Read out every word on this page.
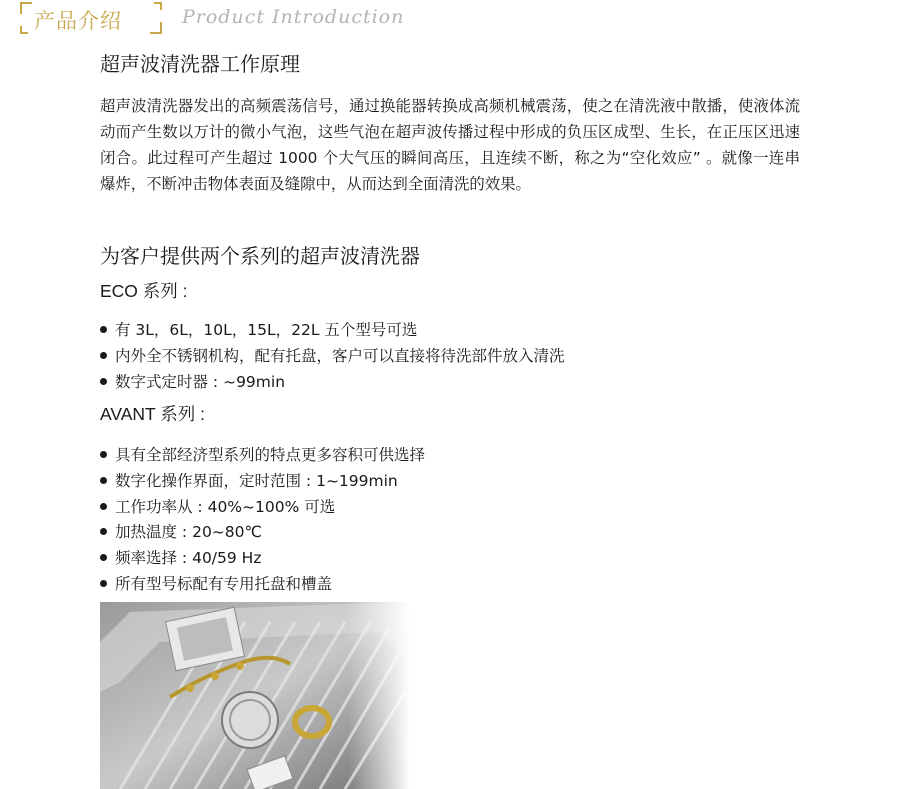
产品介绍	Product Introduction
超声波清洗器工作原理
超声波清洗器发出的高频震荡信号，通过换能器转换成高频机械震荡，使之在清洗液中散播，使液体流动而产生数以万计的微小气泡，这些气泡在超声波传播过程中形成的负压区成型、生长，在正压区迅速闭合。此过程可产生超过 1000 个大气压的瞬间高压，且连续不断，称之为“空化效应” 。就像一连串爆炸，不断冲击物体表面及缝隙中，从而达到全面清洗的效果。
为客户提供两个系列的超声波清洗器
ECO 系列 :
有 3L，6L，10L，15L，22L 五个型号可选
内外全不锈钢机构，配有托盘，客户可以直接将待洗部件放入清洗
数字式定时器 : ~99min
AVANT 系列 :
具有全部经济型系列的特点更多容积可供选择
数字化操作界面，定时范围 : 1~199min
工作功率从 : 40%~100% 可选
加热温度 : 20~80℃
频率选择 : 40/59 Hz
所有型号标配有专用托盘和槽盖
